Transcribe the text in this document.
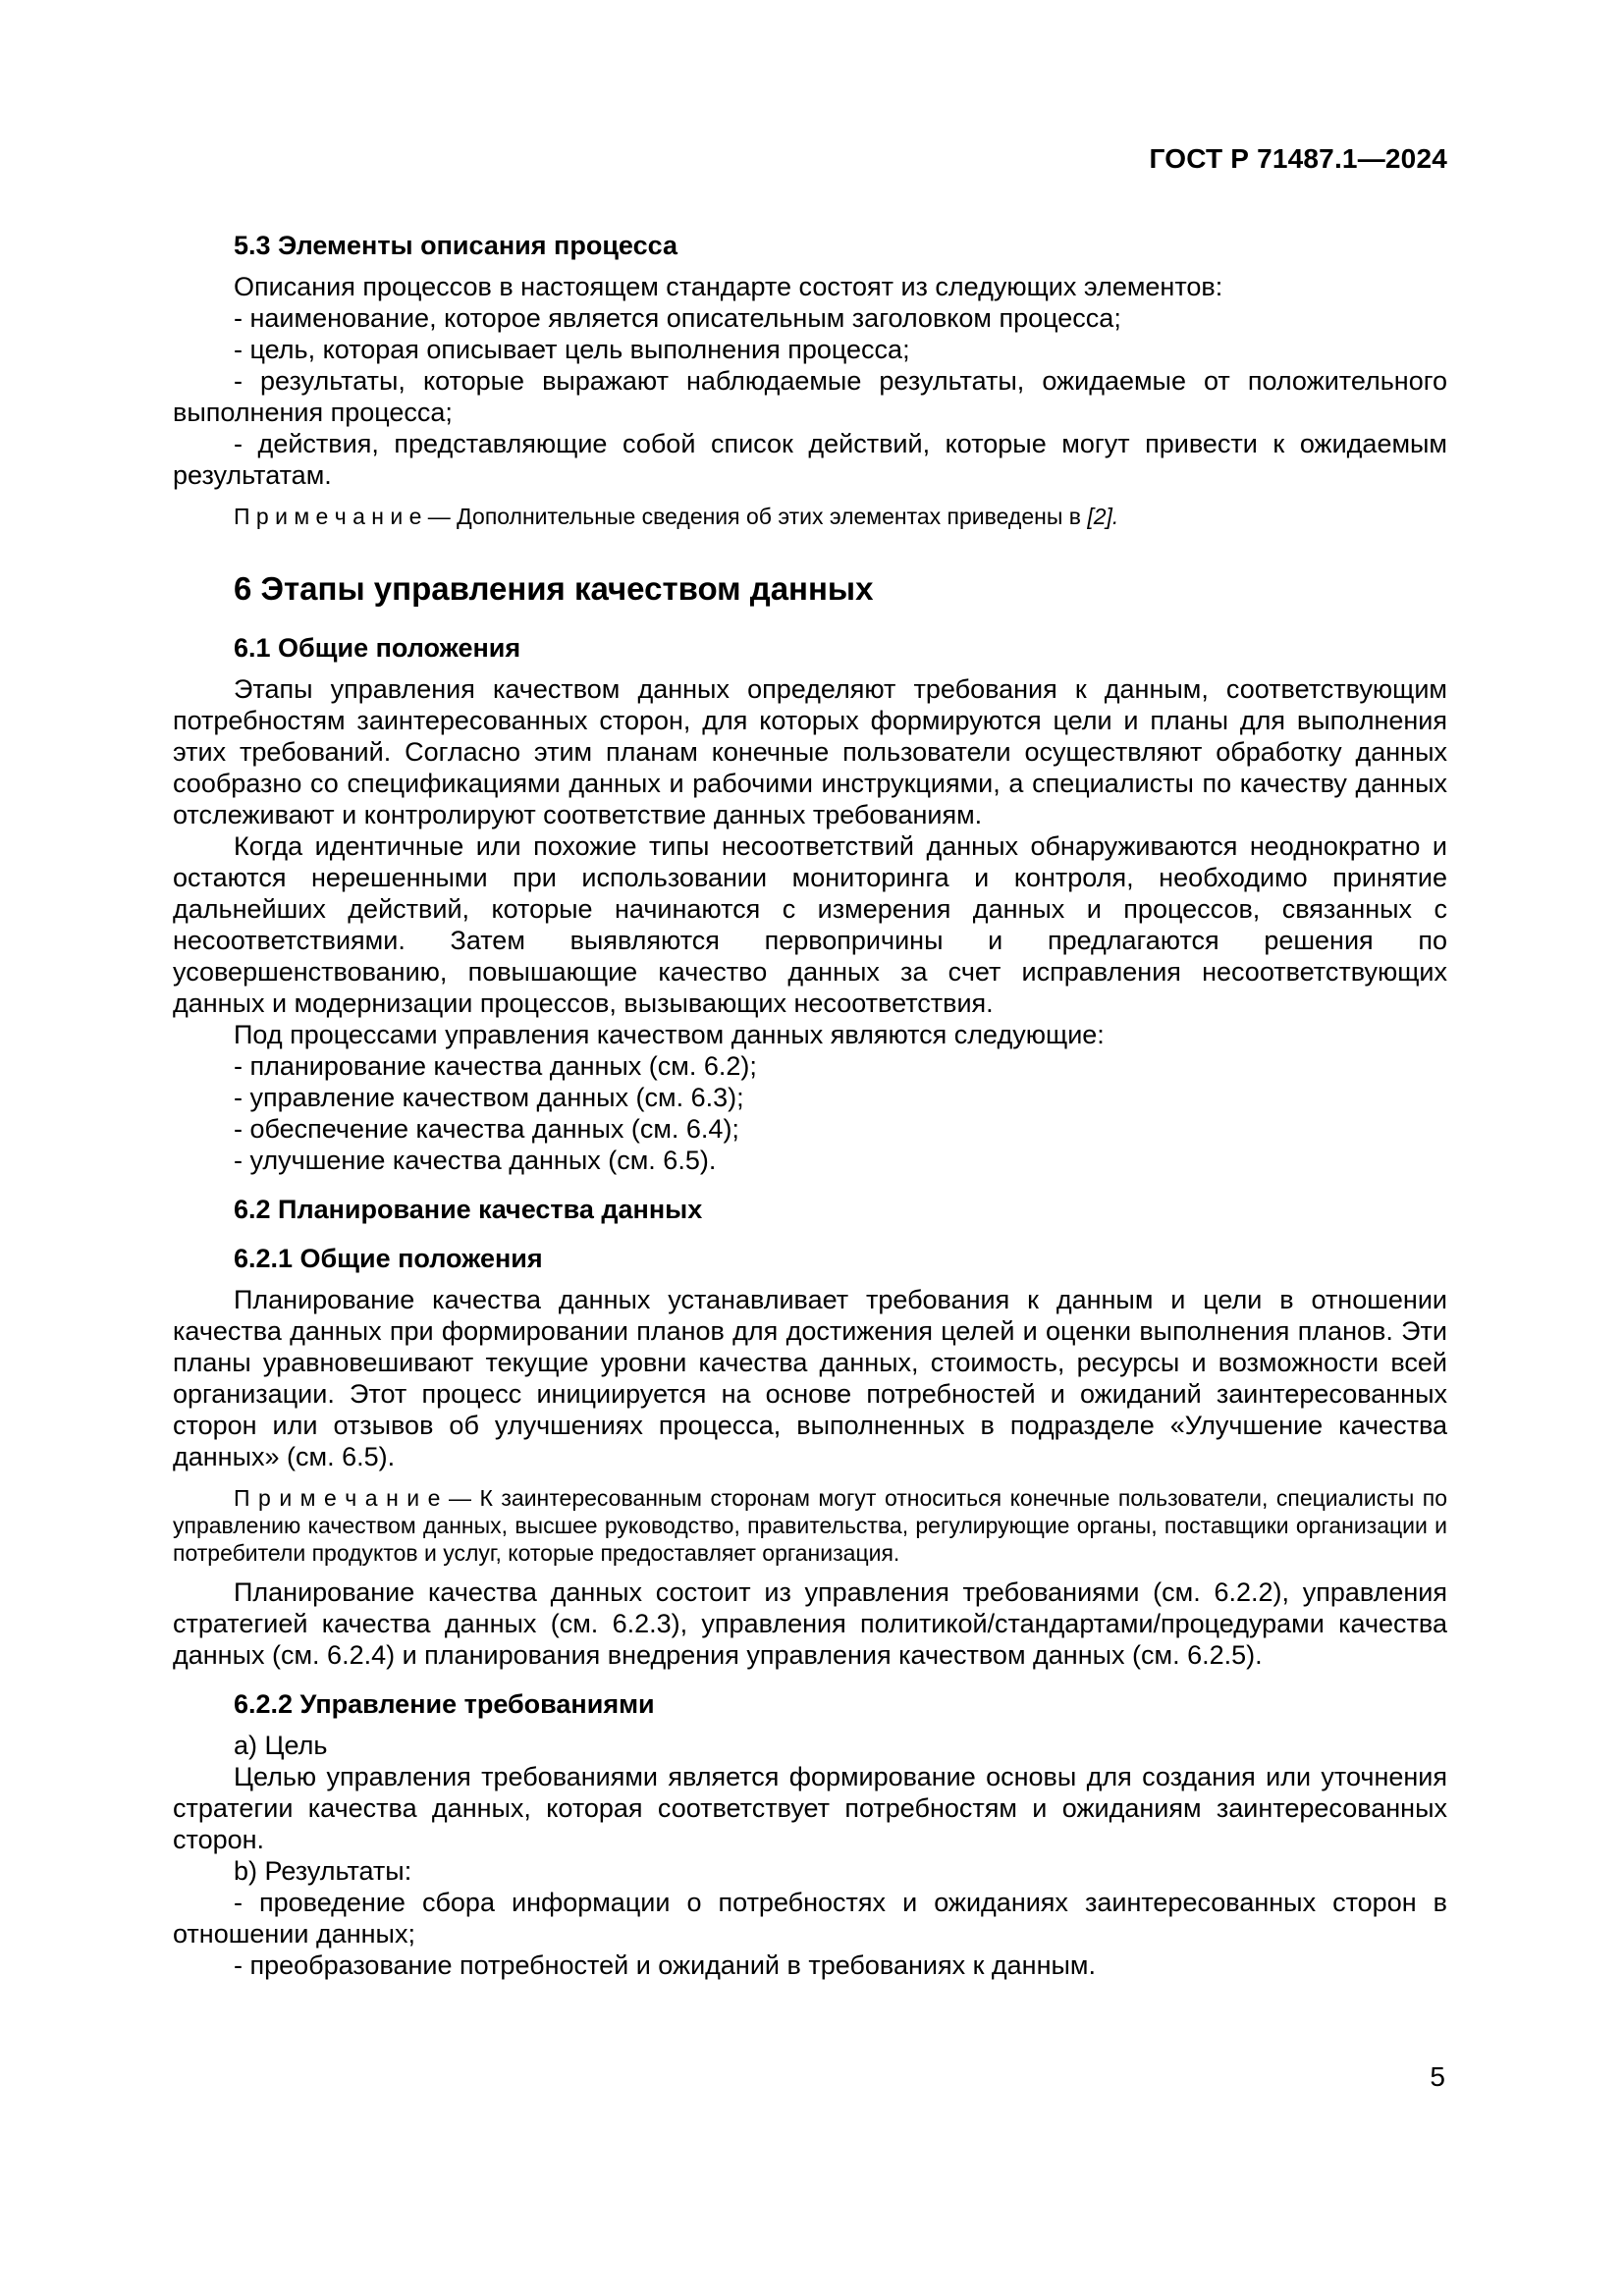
ГОСТ Р 71487.1—2024

5.3 Элементы описания процесса

Описания процессов в настоящем стандарте состоят из следующих элементов:

- наименование, которое является описательным заголовком процесса;

- цель, которая описывает цель выполнения процесса;

- результаты, которые выражают наблюдаемые результаты, ожидаемые от положительного выполнения процесса;

- действия, представляющие собой список действий, которые могут привести к ожидаемым результатам.

П р и м е ч а н и е — Дополнительные сведения об этих элементах приведены в [2].

6 Этапы управления качеством данных

6.1 Общие положения

Этапы управления качеством данных определяют требования к данным, соответствующим потребностям заинтересованных сторон, для которых формируются цели и планы для выполнения этих требований. Согласно этим планам конечные пользователи осуществляют обработку данных сообразно со спецификациями данных и рабочими инструкциями, а специалисты по качеству данных отслеживают и контролируют соответствие данных требованиям.

Когда идентичные или похожие типы несоответствий данных обнаруживаются неоднократно и остаются нерешенными при использовании мониторинга и контроля, необходимо принятие дальнейших действий, которые начинаются с измерения данных и процессов, связанных с несоответствиями. Затем выявляются первопричины и предлагаются решения по усовершенствованию, повышающие качество данных за счет исправления несоответствующих данных и модернизации процессов, вызывающих несоответствия.

Под процессами управления качеством данных являются следующие:

- планирование качества данных (см. 6.2);

- управление качеством данных (см. 6.3);

- обеспечение качества данных (см. 6.4);

- улучшение качества данных (см. 6.5).

6.2 Планирование качества данных

6.2.1 Общие положения

Планирование качества данных устанавливает требования к данным и цели в отношении качества данных при формировании планов для достижения целей и оценки выполнения планов. Эти планы уравновешивают текущие уровни качества данных, стоимость, ресурсы и возможности всей организации. Этот процесс инициируется на основе потребностей и ожиданий заинтересованных сторон или отзывов об улучшениях процесса, выполненных в подразделе «Улучшение качества данных» (см. 6.5).

П р и м е ч а н и е — К заинтересованным сторонам могут относиться конечные пользователи, специалисты по управлению качеством данных, высшее руководство, правительства, регулирующие органы, поставщики организации и потребители продуктов и услуг, которые предоставляет организация.

Планирование качества данных состоит из управления требованиями (см. 6.2.2), управления стратегией качества данных (см. 6.2.3), управления политикой/стандартами/процедурами качества данных (см. 6.2.4) и планирования внедрения управления качеством данных (см. 6.2.5).

6.2.2 Управление требованиями

a) Цель

Целью управления требованиями является формирование основы для создания или уточнения стратегии качества данных, которая соответствует потребностям и ожиданиям заинтересованных сторон.

b) Результаты:

- проведение сбора информации о потребностях и ожиданиях заинтересованных сторон в отношении данных;

- преобразование потребностей и ожиданий в требованиях к данным.

5
